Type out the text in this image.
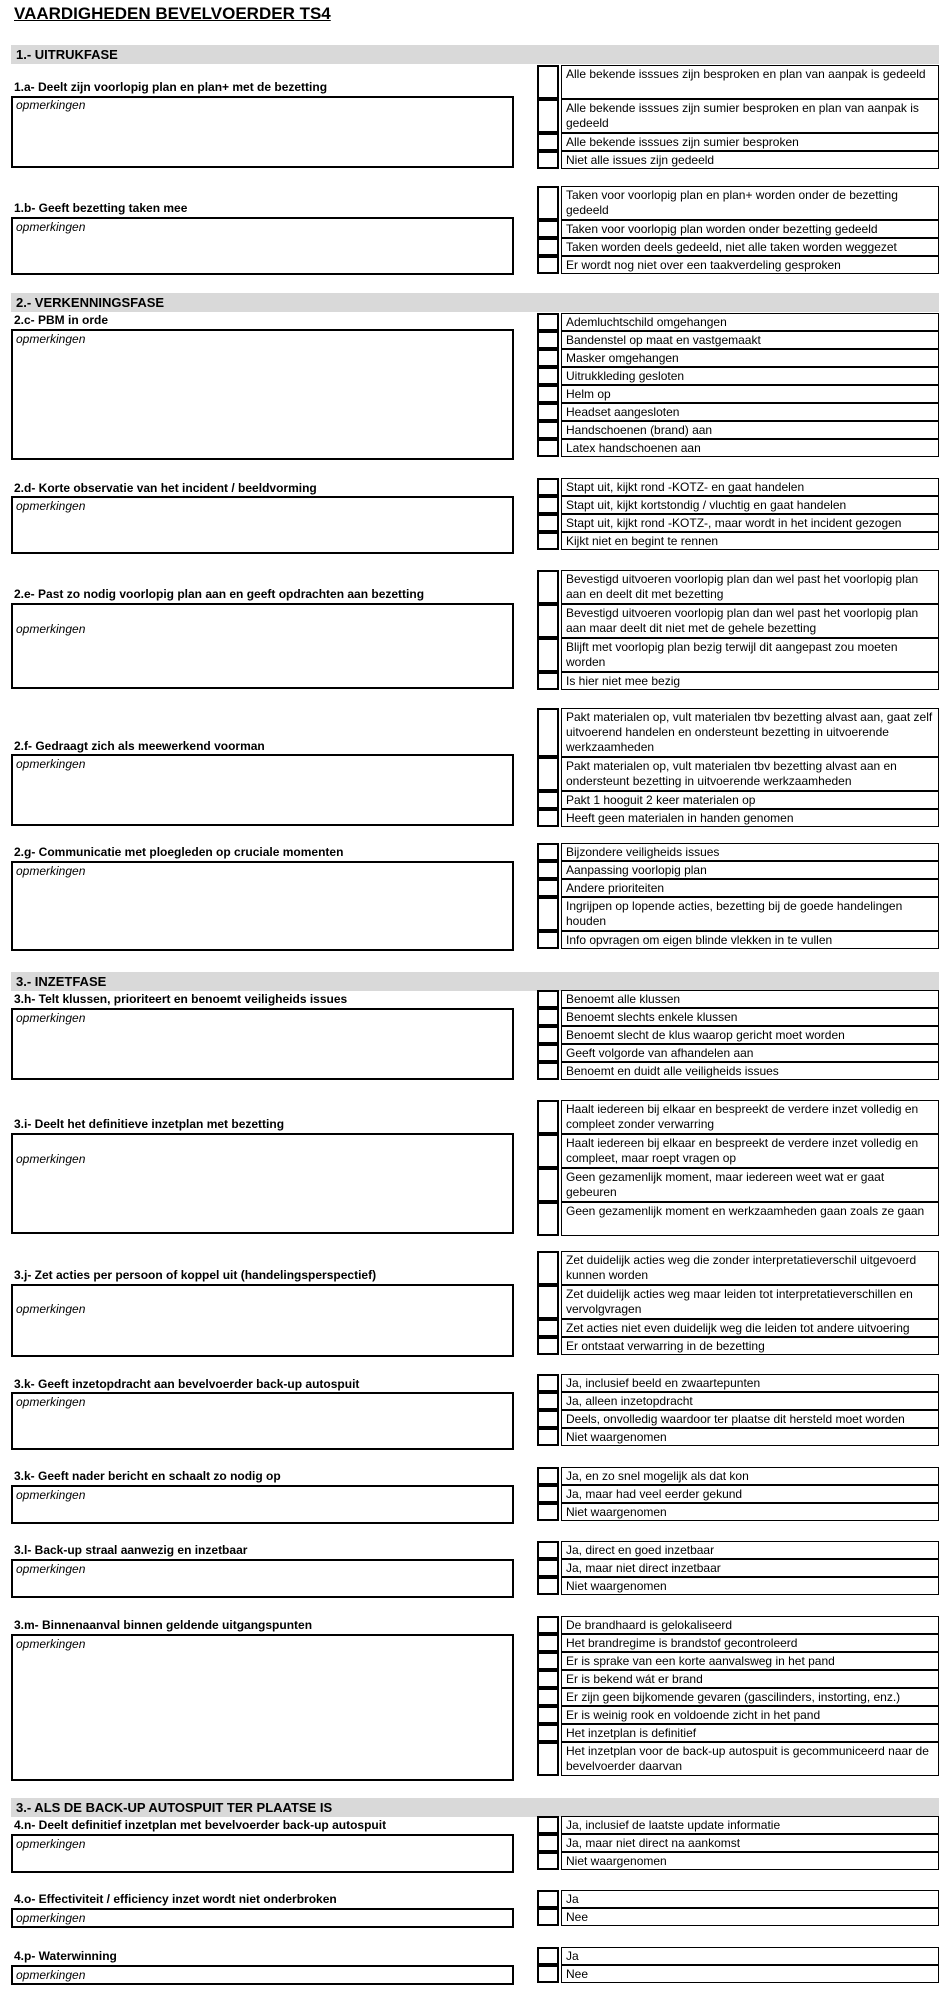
VAARDIGHEDEN BEVELVOERDER TS4
1.- UITRUKFASE
2.- VERKENNINGSFASE
3.- INZETFASE
3.- ALS DE BACK-UP AUTOSPUIT TER PLAATSE IS
1.a- Deelt zijn voorlopig plan en plan+ met de bezetting
opmerkingen
Alle bekende isssues zijn besproken en plan van aanpak is gedeeld
Alle bekende isssues zijn sumier besproken en plan van aanpak is gedeeld
Alle bekende isssues zijn sumier besproken
Niet alle issues zijn gedeeld
1.b- Geeft bezetting taken mee
opmerkingen
Taken voor voorlopig plan en plan+ worden onder de bezetting gedeeld
Taken voor voorlopig plan worden onder bezetting gedeeld
Taken worden deels gedeeld, niet alle taken worden weggezet
Er wordt nog niet over een taakverdeling gesproken
2.c- PBM in orde
opmerkingen
Ademluchtschild omgehangen
Bandenstel op maat en vastgemaakt
Masker omgehangen
Uitrukkleding gesloten
Helm op
Headset aangesloten
Handschoenen (brand) aan
Latex handschoenen aan
2.d- Korte observatie van het incident / beeldvorming
opmerkingen
Stapt uit, kijkt rond -KOTZ- en gaat handelen
Stapt uit, kijkt kortstondig / vluchtig en gaat handelen
Stapt uit, kijkt rond -KOTZ-, maar wordt in het incident gezogen
Kijkt niet en begint te rennen
2.e- Past zo nodig voorlopig plan aan en geeft opdrachten aan bezetting
opmerkingen
Bevestigd uitvoeren voorlopig plan dan wel past het voorlopig plan aan en deelt dit met bezetting
Bevestigd uitvoeren voorlopig plan dan wel past het voorlopig plan aan maar deelt dit niet met de gehele bezetting
Blijft met voorlopig plan bezig terwijl dit aangepast zou moeten worden
Is hier niet mee bezig
2.f- Gedraagt zich als meewerkend voorman
opmerkingen
Pakt materialen op, vult materialen tbv bezetting alvast aan, gaat zelf uitvoerend handelen en ondersteunt bezetting in uitvoerende werkzaamheden
Pakt materialen op, vult materialen tbv bezetting alvast aan en ondersteunt bezetting in uitvoerende werkzaamheden
Pakt 1 hooguit 2 keer materialen op
Heeft geen materialen in handen genomen
2.g- Communicatie met ploegleden op cruciale momenten
opmerkingen
Bijzondere veiligheids issues
Aanpassing voorlopig plan
Andere prioriteiten
Ingrijpen op lopende acties, bezetting bij de goede handelingen houden
Info opvragen om eigen blinde vlekken in te vullen
3.h- Telt klussen, prioriteert en benoemt veiligheids issues
opmerkingen
Benoemt alle klussen
Benoemt slechts enkele klussen
Benoemt slecht de klus waarop gericht moet worden
Geeft volgorde van afhandelen aan
Benoemt en duidt alle veiligheids issues
3.i- Deelt het definitieve inzetplan met bezetting
opmerkingen
Haalt iedereen bij elkaar en bespreekt de verdere inzet volledig en compleet zonder verwarring
Haalt iedereen bij elkaar en bespreekt de verdere inzet volledig en compleet, maar roept vragen op
Geen gezamenlijk moment, maar iedereen weet wat er gaat gebeuren
Geen gezamenlijk moment en werkzaamheden gaan zoals ze gaan
3.j- Zet acties per persoon of koppel uit (handelingsperspectief)
opmerkingen
Zet duidelijk acties weg die zonder interpretatieverschil uitgevoerd kunnen worden
Zet duidelijk acties weg maar leiden tot interpretatieverschillen en vervolgvragen
Zet acties niet even duidelijk weg die leiden tot andere uitvoering
Er ontstaat verwarring in de bezetting
3.k- Geeft inzetopdracht aan bevelvoerder back-up autospuit
opmerkingen
Ja, inclusief beeld en zwaartepunten
Ja, alleen inzetopdracht
Deels, onvolledig waardoor ter plaatse dit hersteld moet worden
Niet waargenomen
3.k- Geeft nader bericht en schaalt zo nodig op
opmerkingen
Ja, en zo snel mogelijk als dat kon
Ja, maar had veel eerder gekund
Niet waargenomen
3.l- Back-up straal aanwezig en inzetbaar
opmerkingen
Ja, direct en goed inzetbaar
Ja, maar niet direct inzetbaar
Niet waargenomen
3.m- Binnenaanval binnen geldende uitgangspunten
opmerkingen
De brandhaard is gelokaliseerd
Het brandregime is brandstof gecontroleerd
Er is sprake van een korte aanvalsweg in het pand
Er is bekend wát er brand
Er zijn geen bijkomende gevaren (gascilinders, instorting, enz.)
Er is weinig rook en voldoende zicht in het pand
Het inzetplan is definitief
Het inzetplan voor de back-up autospuit is gecommuniceerd naar de bevelvoerder daarvan
4.n- Deelt definitief inzetplan met bevelvoerder back-up autospuit
opmerkingen
Ja, inclusief de laatste update informatie
Ja, maar niet direct na aankomst
Niet waargenomen
4.o- Effectiviteit / efficiency inzet wordt niet onderbroken
opmerkingen
Ja
Nee
4.p- Waterwinning
opmerkingen
Ja
Nee
